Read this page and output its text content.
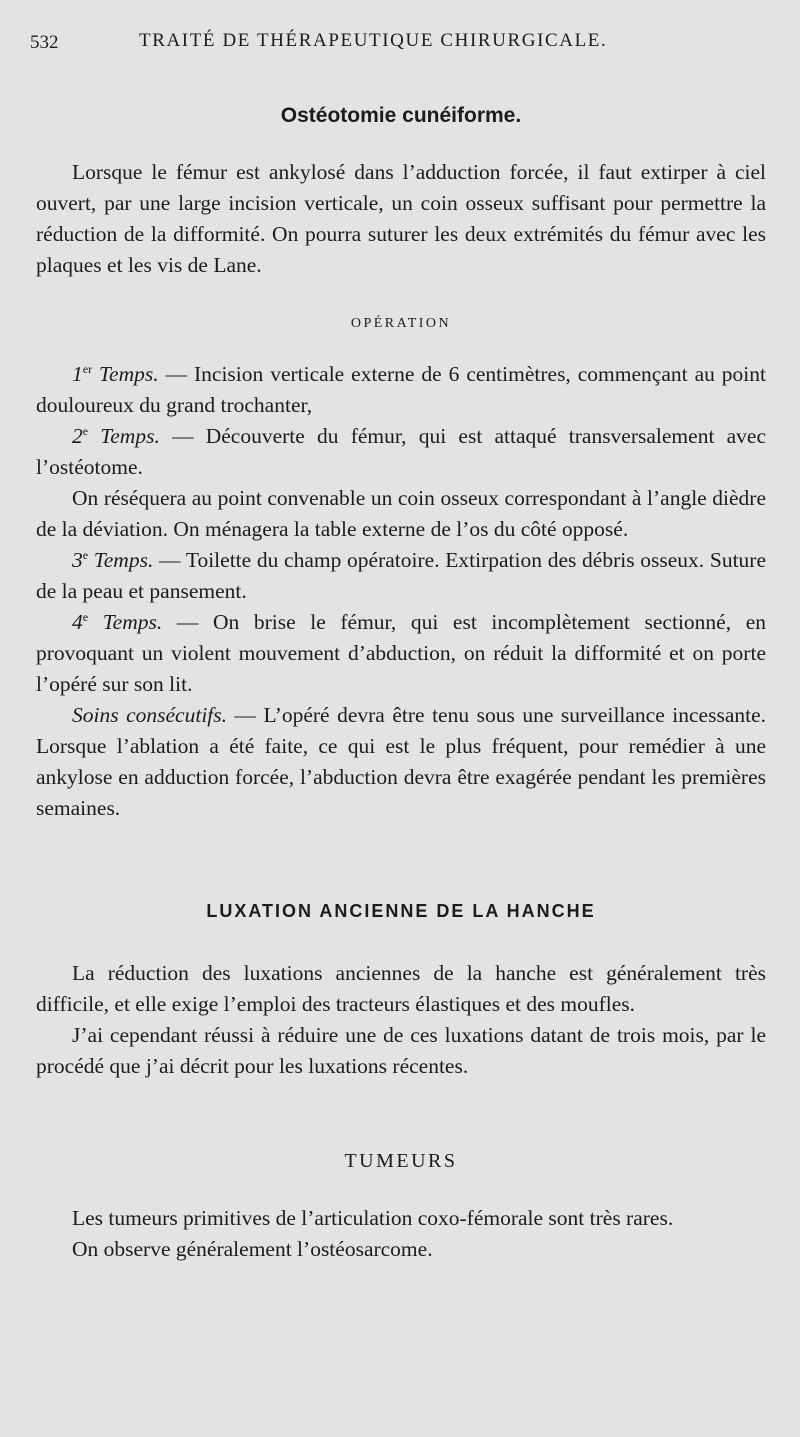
532	TRAITÉ DE THÉRAPEUTIQUE CHIRURGICALE.
Ostéotomie cunéiforme.

Lorsque le fémur est ankylosé dans l’adduction forcée, il faut extirper à ciel ouvert, par une large incision verticale, un coin osseux suffisant pour permettre la réduction de la difformité. On pourra suturer les deux extrémités du fémur avec les plaques et les vis de Lane.

OPÉRATION

1er Temps. — Incision verticale externe de 6 centimètres, commençant au point douloureux du grand trochanter,

2e Temps. — Découverte du fémur, qui est attaqué transversalement avec l’ostéotome.

On réséquera au point convenable un coin osseux correspondant à l’angle dièdre de la déviation. On ménagera la table externe de l’os du côté opposé.

3e Temps. — Toilette du champ opératoire. Extirpation des débris osseux. Suture de la peau et pansement.

4e Temps. — On brise le fémur, qui est incomplètement sectionné, en provoquant un violent mouvement d’abduction, on réduit la difformité et on porte l’opéré sur son lit.

Soins consécutifs. — L’opéré devra être tenu sous une surveillance incessante. Lorsque l’ablation a été faite, ce qui est le plus fréquent, pour remédier à une ankylose en adduction forcée, l’abduction devra être exagérée pendant les premières semaines.

LUXATION ANCIENNE DE LA HANCHE

La réduction des luxations anciennes de la hanche est généralement très difficile, et elle exige l’emploi des tracteurs élastiques et des moufles.

J’ai cependant réussi à réduire une de ces luxations datant de trois mois, par le procédé que j’ai décrit pour les luxations récentes.

TUMEURS

Les tumeurs primitives de l’articulation coxo-fémorale sont très rares.

On observe généralement l’ostéosarcome.
